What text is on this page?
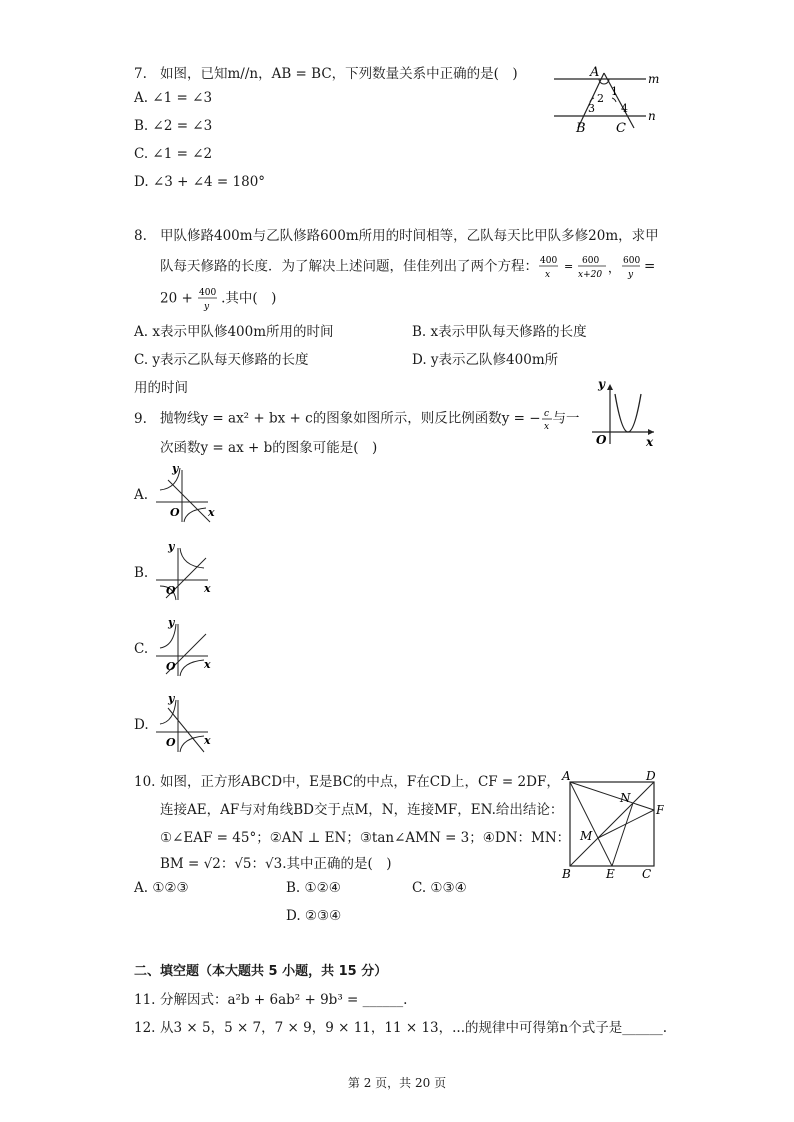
7. 如图，已知m//n，AB = BC，下列数量关系中正确的是(　)
A. ∠1 = ∠3
B. ∠2 = ∠3
C. ∠1 = ∠2
D. ∠3 + ∠4 = 180°
A	m
n
B C
1
2
3 4
8. 甲队修路400m与乙队修路600m所用的时间相等，乙队每天比甲队多修20m，求甲
队每天修路的长度．为了解决上述问题，佳佳列出了两个方程： 400
x
= 600
x+20 ， 600
y
=
20 + 400
y
.其中(　)
A. x表示甲队修400m所用的时间	B. x表示甲队每天修路的长度
C. y表示乙队每天修路的长度	D. y表示乙队修400m所
用的时间
9. 抛物线y = ax² + bx + c的图象如图所示，则反比例函数y = − c
x
与一
次函数y = ax + b的图象可能是(　)
y
x
O
A.
y
x
O
B.
y
x
O
C.
y
x
O
D.
y
x
O
10. 如图，正方形ABCD中，E是BC的中点，F在CD上，CF = 2DF，
连接AE，AF与对角线BD交于点M，N，连接MF，EN.给出结论：
①∠EAF = 45°；②AN ⊥ EN；③tan∠AMN = 3；④DN：MN：
BM = √2：√5：√3.其中正确的是(　)
A. ①②③	B. ①②④	C. ①③④
D. ②③④
A	D
B	E C
F
M
N
二、填空题（本大题共 5 小题，共 15 分）
11. 分解因式：a²b + 6ab² + 9b³ = ______.
12. 从3 × 5，5 × 7，7 × 9，9 × 11，11 × 13，...的规律中可得第n个式子是______.
第 2 页，共 20 页
